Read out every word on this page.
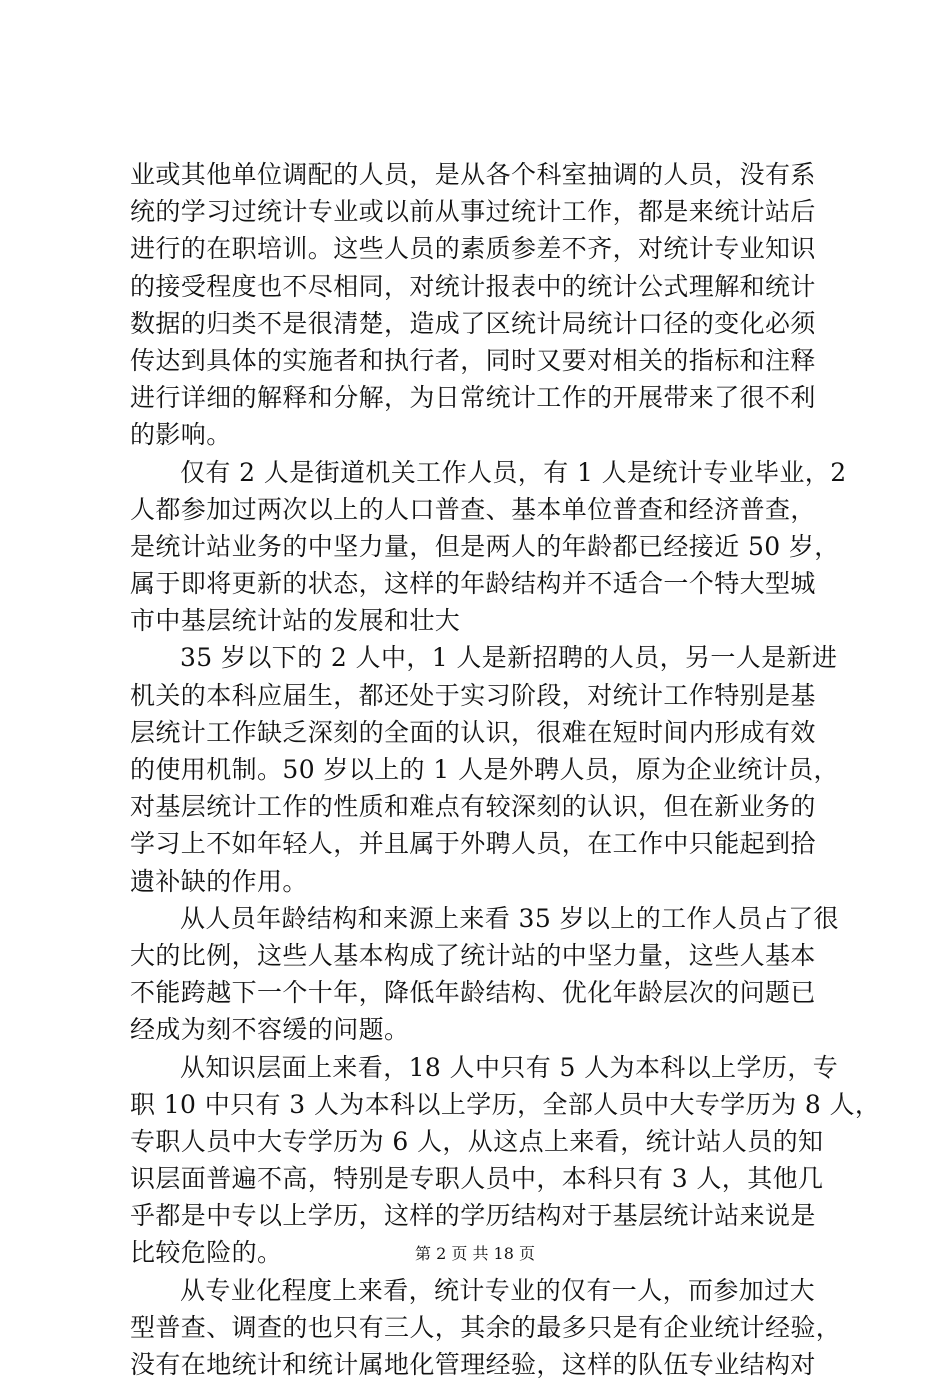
业或其他单位调配的人员，是从各个科室抽调的人员，没有系
统的学习过统计专业或以前从事过统计工作，都是来统计站后
进行的在职培训。这些人员的素质参差不齐，对统计专业知识
的接受程度也不尽相同，对统计报表中的统计公式理解和统计
数据的归类不是很清楚，造成了区统计局统计口径的变化必须
传达到具体的实施者和执行者，同时又要对相关的指标和注释
进行详细的解释和分解，为日常统计工作的开展带来了很不利
的影响。
仅有 2 人是街道机关工作人员，有 1 人是统计专业毕业，2
人都参加过两次以上的人口普查、基本单位普查和经济普查，
是统计站业务的中坚力量，但是两人的年龄都已经接近 50 岁，
属于即将更新的状态，这样的年龄结构并不适合一个特大型城
市中基层统计站的发展和壮大
35 岁以下的 2 人中，1 人是新招聘的人员，另一人是新进
机关的本科应届生，都还处于实习阶段，对统计工作特别是基
层统计工作缺乏深刻的全面的认识，很难在短时间内形成有效
的使用机制。50 岁以上的 1 人是外聘人员，原为企业统计员，
对基层统计工作的性质和难点有较深刻的认识，但在新业务的
学习上不如年轻人，并且属于外聘人员，在工作中只能起到拾
遗补缺的作用。
从人员年龄结构和来源上来看 35 岁以上的工作人员占了很
大的比例，这些人基本构成了统计站的中坚力量，这些人基本
不能跨越下一个十年，降低年龄结构、优化年龄层次的问题已
经成为刻不容缓的问题。
从知识层面上来看，18 人中只有 5 人为本科以上学历，专
职 10 中只有 3 人为本科以上学历，全部人员中大专学历为 8 人，
专职人员中大专学历为 6 人，从这点上来看，统计站人员的知
识层面普遍不高，特别是专职人员中，本科只有 3 人，其他几
乎都是中专以上学历，这样的学历结构对于基层统计站来说是
比较危险的。
从专业化程度上来看，统计专业的仅有一人，而参加过大
型普查、调查的也只有三人，其余的最多只是有企业统计经验，
没有在地统计和统计属地化管理经验，这样的队伍专业结构对
第 2 页 共 18 页
